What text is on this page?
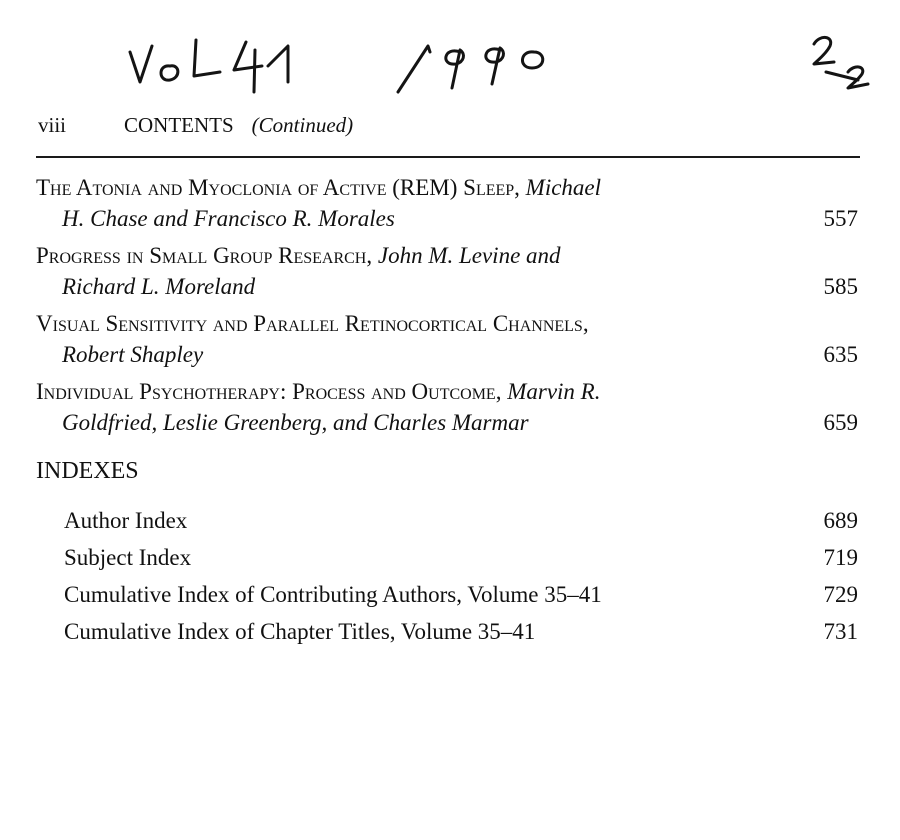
viii	CONTENTS (Continued)
The Atonia and Myoclonia of Active (REM) Sleep, Michael
H. Chase and Francisco R. Morales	557
Progress in Small Group Research, John M. Levine and
Richard L. Moreland	585
Visual Sensitivity and Parallel Retinocortical Channels,
Robert Shapley	635
Individual Psychotherapy: Process and Outcome, Marvin R.
Goldfried, Leslie Greenberg, and Charles Marmar	659
INDEXES
Author Index	689
Subject Index	719
Cumulative Index of Contributing Authors, Volume 35–41	729
Cumulative Index of Chapter Titles, Volume 35–41	731
